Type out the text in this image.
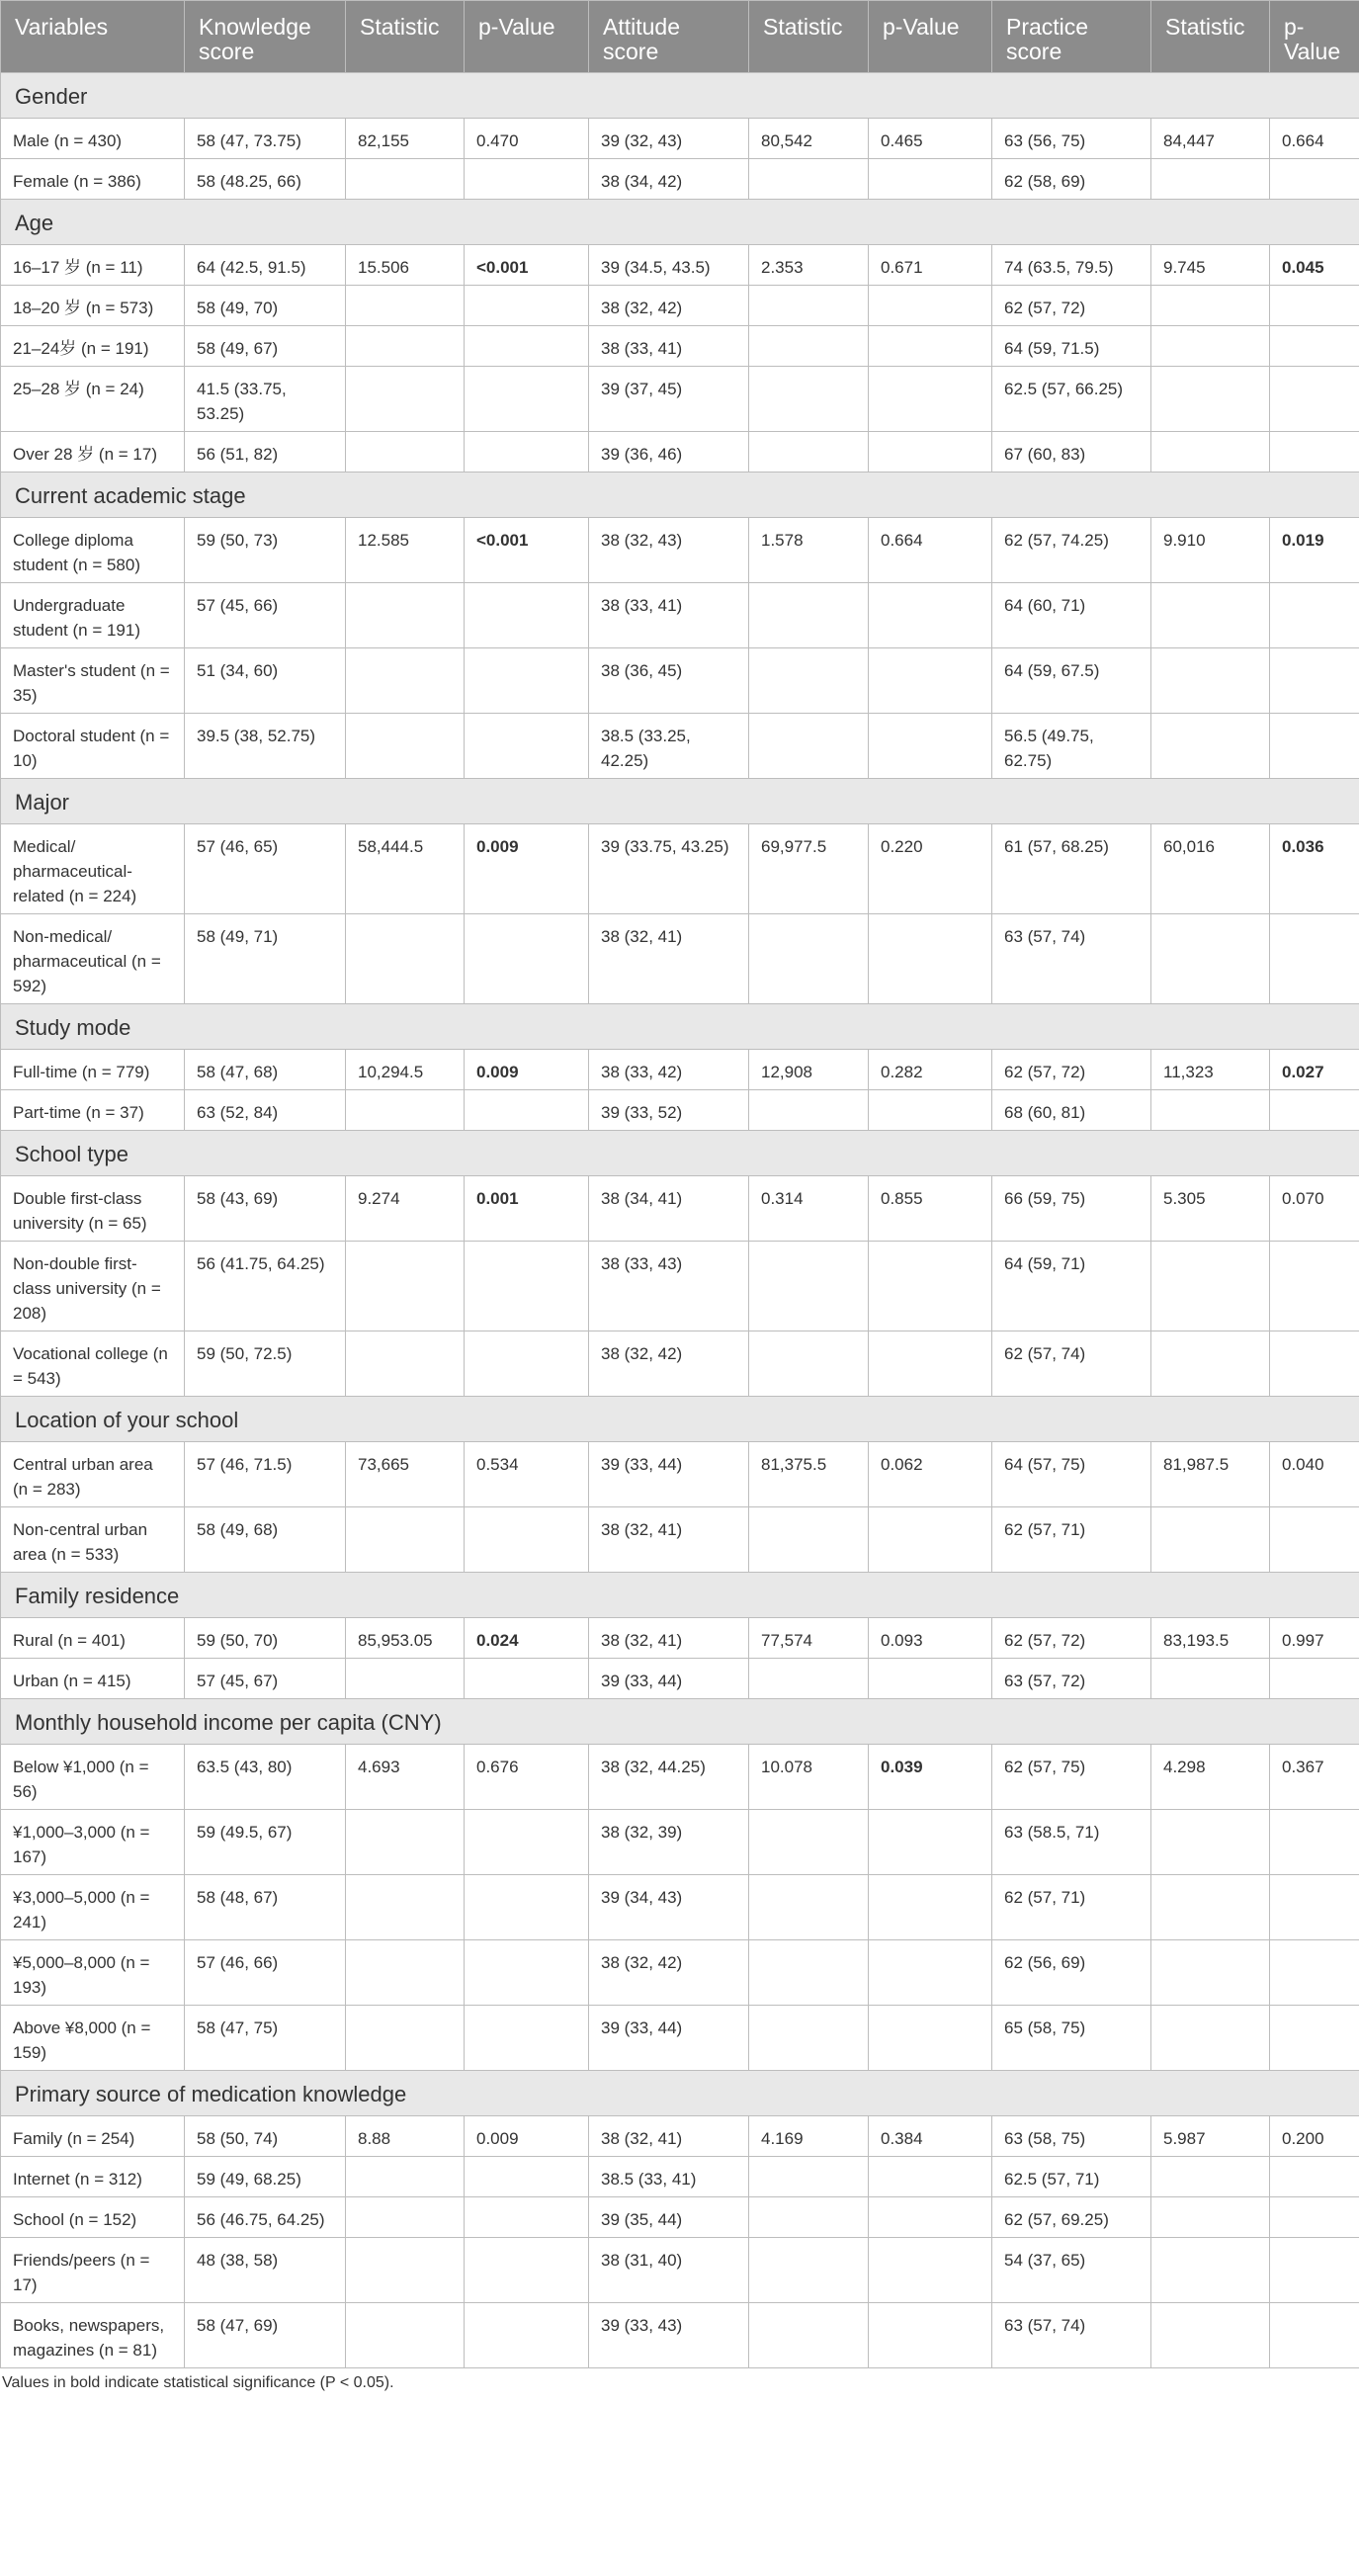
Variables	Knowledge score	Statistic	p-Value	Attitude score	Statistic	p-Value	Practice score	Statistic	p-Value
Gender									
Male (n = 430)	58 (47, 73.75)	82,155	0.470	39 (32, 43)	80,542	0.465	63 (56, 75)	84,447	0.664
Female (n = 386)	58 (48.25, 66)			38 (34, 42)			62 (58, 69)		
Age									
16–17 岁 (n = 11)	64 (42.5, 91.5)	15.506	<0.001	39 (34.5, 43.5)	2.353	0.671	74 (63.5, 79.5)	9.745	0.045
18–20 岁 (n = 573)	58 (49, 70)			38 (32, 42)			62 (57, 72)		
21–24岁 (n = 191)	58 (49, 67)			38 (33, 41)			64 (59, 71.5)		
25–28 岁 (n = 24)	41.5 (33.75, 53.25)			39 (37, 45)			62.5 (57, 66.25)		
Over 28 岁 (n = 17)	56 (51, 82)			39 (36, 46)			67 (60, 83)		
Current academic stage									
College diploma student (n = 580)	59 (50, 73)	12.585	<0.001	38 (32, 43)	1.578	0.664	62 (57, 74.25)	9.910	0.019
Undergraduate student (n = 191)	57 (45, 66)			38 (33, 41)			64 (60, 71)		
Master's student (n = 35)	51 (34, 60)			38 (36, 45)			64 (59, 67.5)		
Doctoral student (n = 10)	39.5 (38, 52.75)			38.5 (33.25, 42.25)			56.5 (49.75, 62.75)		
Major									
Medical/ pharmaceutical-related (n = 224)	57 (46, 65)	58,444.5	0.009	39 (33.75, 43.25)	69,977.5	0.220	61 (57, 68.25)	60,016	0.036
Non-medical/ pharmaceutical (n = 592)	58 (49, 71)			38 (32, 41)			63 (57, 74)		
Study mode									
Full-time (n = 779)	58 (47, 68)	10,294.5	0.009	38 (33, 42)	12,908	0.282	62 (57, 72)	11,323	0.027
Part-time (n = 37)	63 (52, 84)			39 (33, 52)			68 (60, 81)		
School type									
Double first-class university (n = 65)	58 (43, 69)	9.274	0.001	38 (34, 41)	0.314	0.855	66 (59, 75)	5.305	0.070
Non-double first-class university (n = 208)	56 (41.75, 64.25)			38 (33, 43)			64 (59, 71)		
Vocational college (n = 543)	59 (50, 72.5)			38 (32, 42)			62 (57, 74)		
Location of your school									
Central urban area (n = 283)	57 (46, 71.5)	73,665	0.534	39 (33, 44)	81,375.5	0.062	64 (57, 75)	81,987.5	0.040
Non-central urban area (n = 533)	58 (49, 68)			38 (32, 41)			62 (57, 71)		
Family residence									
Rural (n = 401)	59 (50, 70)	85,953.05	0.024	38 (32, 41)	77,574	0.093	62 (57, 72)	83,193.5	0.997
Urban (n = 415)	57 (45, 67)			39 (33, 44)			63 (57, 72)		
Monthly household income per capita (CNY)									
Below ¥1,000 (n = 56)	63.5 (43, 80)	4.693	0.676	38 (32, 44.25)	10.078	0.039	62 (57, 75)	4.298	0.367
¥1,000–3,000 (n = 167)	59 (49.5, 67)			38 (32, 39)			63 (58.5, 71)		
¥3,000–5,000 (n = 241)	58 (48, 67)			39 (34, 43)			62 (57, 71)		
¥5,000–8,000 (n = 193)	57 (46, 66)			38 (32, 42)			62 (56, 69)		
Above ¥8,000 (n = 159)	58 (47, 75)			39 (33, 44)			65 (58, 75)		
Primary source of medication knowledge									
Family (n = 254)	58 (50, 74)	8.88	0.009	38 (32, 41)	4.169	0.384	63 (58, 75)	5.987	0.200
Internet (n = 312)	59 (49, 68.25)			38.5 (33, 41)			62.5 (57, 71)		
School (n = 152)	56 (46.75, 64.25)			39 (35, 44)			62 (57, 69.25)		
Friends/peers (n = 17)	48 (38, 58)			38 (31, 40)			54 (37, 65)		
Books, newspapers, magazines (n = 81)	58 (47, 69)			39 (33, 43)			63 (57, 74)		
Values in bold indicate statistical significance (P < 0.05).
